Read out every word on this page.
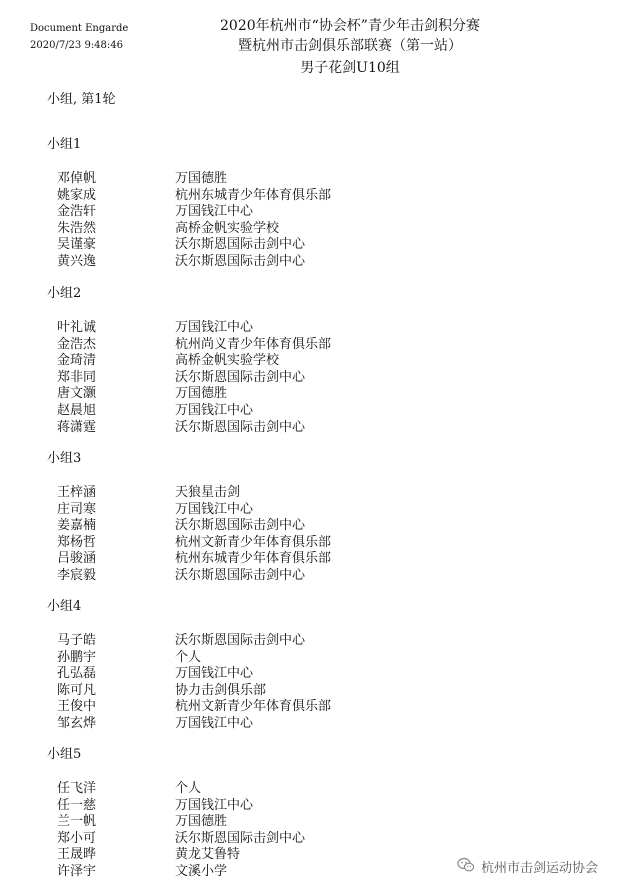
Document Engarde
2020/7/23 9:48:46
2020年杭州市“协会杯”青少年击剑积分赛
暨杭州市击剑俱乐部联赛（第一站）
男子花剑U10组
小组, 第1轮
小组1
邓倬帆	万国德胜
姚家成	杭州东城青少年体育俱乐部
金浩轩	万国钱江中心
朱浩然	高桥金帆实验学校
吴谨豪	沃尔斯恩国际击剑中心
黄兴逸	沃尔斯恩国际击剑中心
小组2
叶礼诚	万国钱江中心
金浩杰	杭州尚义青少年体育俱乐部
金琦清	高桥金帆实验学校
郑非同	沃尔斯恩国际击剑中心
唐文灏	万国德胜
赵晨旭	万国钱江中心
蒋潇霆	沃尔斯恩国际击剑中心
小组3
王梓涵	天狼星击剑
庄司寒	万国钱江中心
姜嘉楠	沃尔斯恩国际击剑中心
郑杨哲	杭州文新青少年体育俱乐部
吕骏涵	杭州东城青少年体育俱乐部
李宸毅	沃尔斯恩国际击剑中心
小组4
马子皓	沃尔斯恩国际击剑中心
孙鹏宇	个人
孔弘磊	万国钱江中心
陈可凡	协力击剑俱乐部
王俊中	杭州文新青少年体育俱乐部
邹玄烨	万国钱江中心
小组5
任飞洋	个人
任一慈	万国钱江中心
兰一帆	万国德胜
郑小可	沃尔斯恩国际击剑中心
王晟晔	黄龙艾鲁特
许泽宇	文溪小学	杭州市击剑运动协会
